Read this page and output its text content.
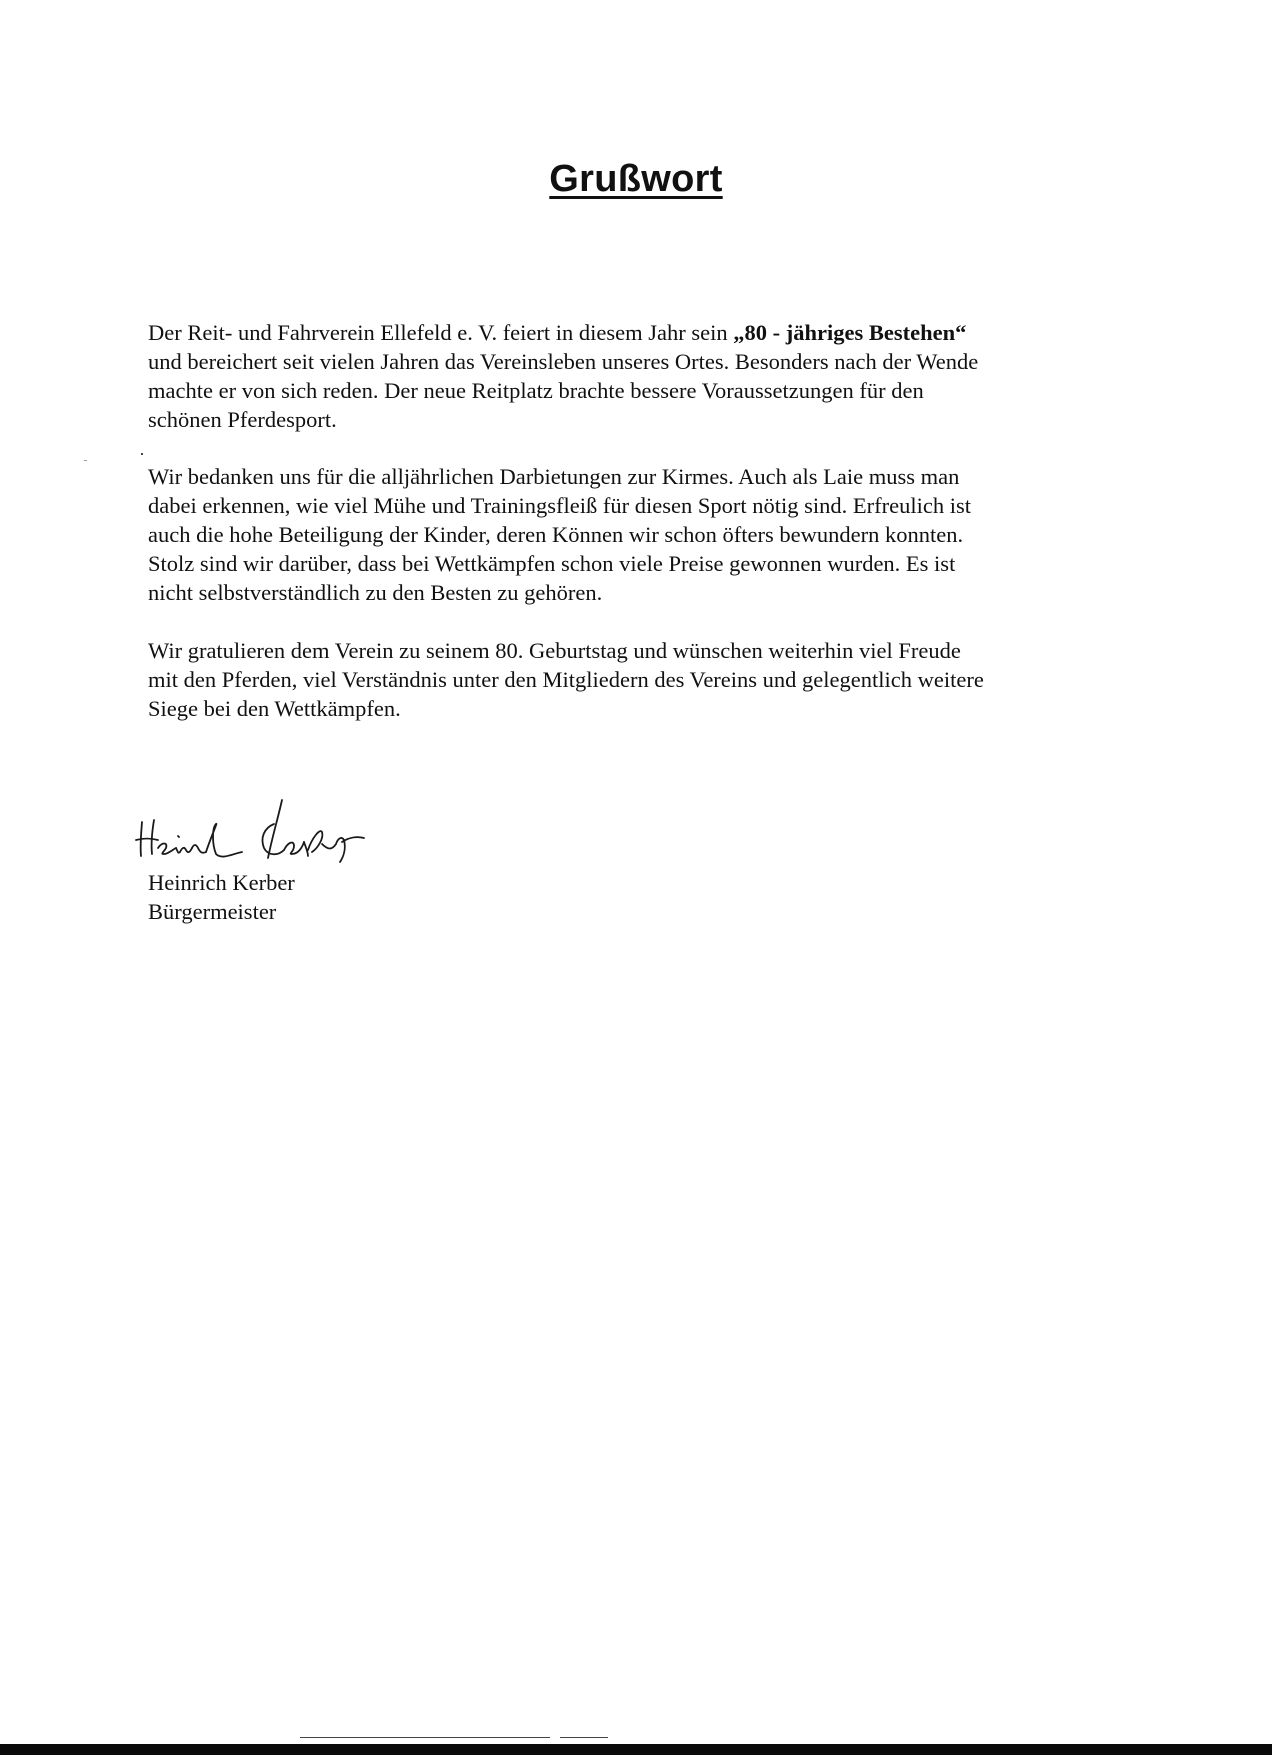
Grußwort

Der Reit- und Fahrverein Ellefeld e. V. feiert in diesem Jahr sein „80 - jähriges Bestehen“
und bereichert seit vielen Jahren das Vereinsleben unseres Ortes. Besonders nach der Wende
machte er von sich reden. Der neue Reitplatz brachte bessere Voraussetzungen für den
schönen Pferdesport.

Wir bedanken uns für die alljährlichen Darbietungen zur Kirmes. Auch als Laie muss man
dabei erkennen, wie viel Mühe und Trainingsfleiß für diesen Sport nötig sind. Erfreulich ist
auch die hohe Beteiligung der Kinder, deren Können wir schon öfters bewundern konnten.
Stolz sind wir darüber, dass bei Wettkämpfen schon viele Preise gewonnen wurden. Es ist
nicht selbstverständlich zu den Besten zu gehören.

Wir gratulieren dem Verein zu seinem 80. Geburtstag und wünschen weiterhin viel Freude
mit den Pferden, viel Verständnis unter den Mitgliedern des Vereins und gelegentlich weitere
Siege bei den Wettkämpfen.

Heinrich Kerber
Bürgermeister
